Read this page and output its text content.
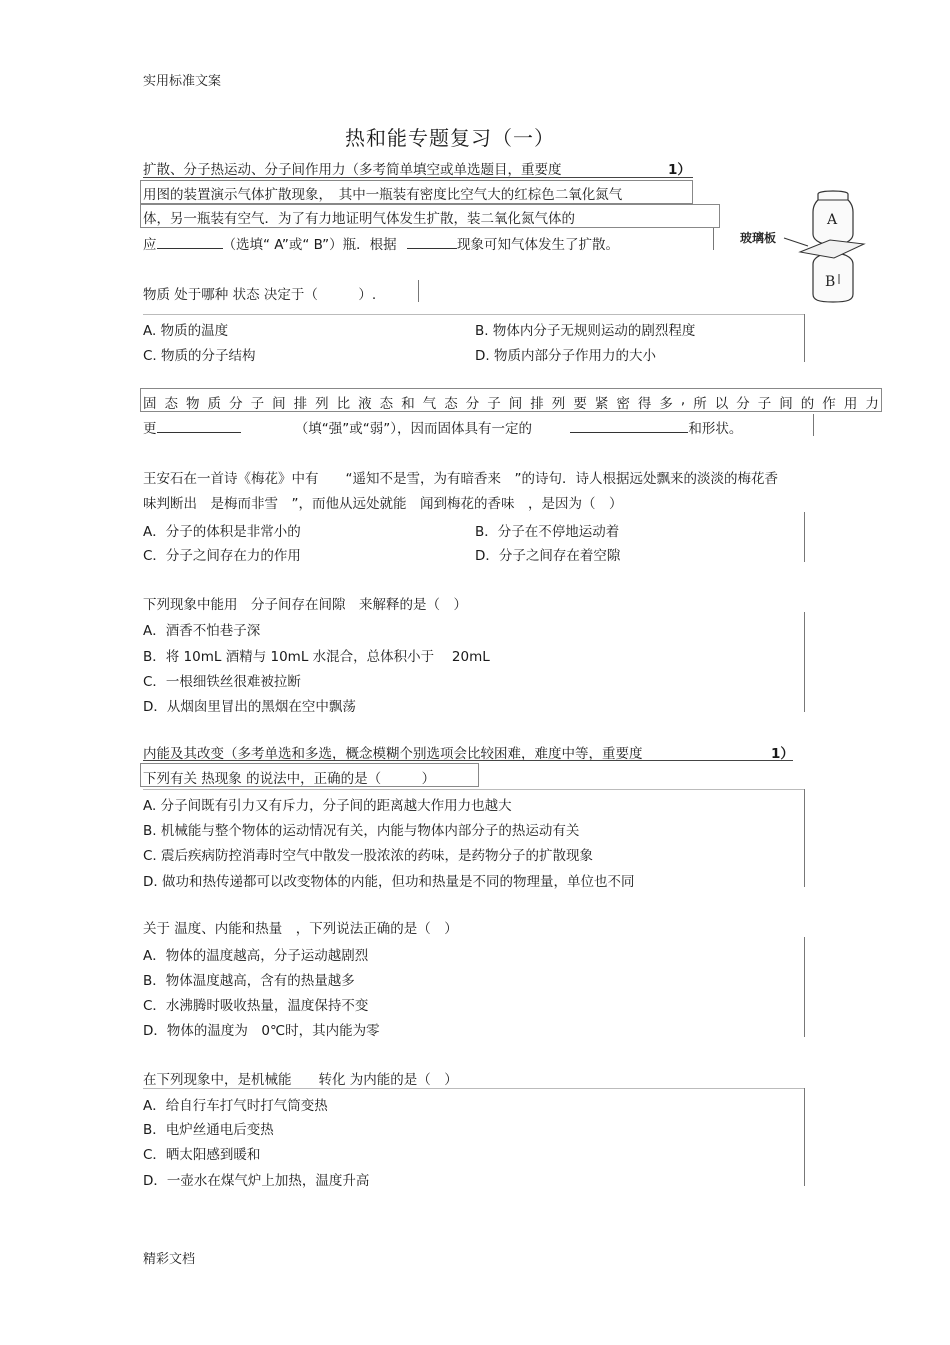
实用标准文案
热和能专题复习（一）
扩散、分子热运动、分子间作用力（多考简单填空或单选题目，重要度	1）
用图的装置演示气体扩散现象，　其中一瓶装有密度比空气大的红棕色二氧化氮气
体，另一瓶装有空气．为了有力地证明气体发生扩散，装二氧化氮气体的
应	（选填“ A”或“ B”）瓶．根据	现象可知气体发生了扩散。	玻璃板
A
B
物质 处于哪种 状态 决定于（　　　）.
A. 物质的温度	B. 物体内分子无规则运动的剧烈程度
C. 物质的分子结构	D. 物质内部分子作用力的大小
固 态 物 质 分 子 间 排 列 比 液 态 和 气 态 分 子 间 排 列 要 紧 密 得 多 , 所 以 分 子 间 的 作 用 力
更	（填“强”或“弱”），因而固体具有一定的	和形状。
王安石在一首诗《梅花》中有　　“遥知不是雪，为有暗香来　”的诗句．诗人根据远处飘来的淡淡的梅花香
味判断出　是梅而非雪　”，而他从远处就能　闻到梅花的香味　，是因为（　）
A．分子的体积是非常小的	B．分子在不停地运动着
C．分子之间存在力的作用	D．分子之间存在着空隙
下列现象中能用　分子间存在间隙　来解释的是（　）
A．酒香不怕巷子深
B．将 10mL 酒精与 10mL 水混合，总体积小于　 20mL
C．一根细铁丝很难被拉断
D．从烟囱里冒出的黑烟在空中飘荡
内能及其改变（多考单选和多选，概念模糊个别选项会比较困难，难度中等，重要度	1）
下列有关 热现象 的说法中，正确的是（　　　）
A. 分子间既有引力又有斥力，分子间的距离越大作用力也越大
B. 机械能与整个物体的运动情况有关，内能与物体内部分子的热运动有关
C. 震后疾病防控消毒时空气中散发一股浓浓的药味，是药物分子的扩散现象
D. 做功和热传递都可以改变物体的内能，但功和热量是不同的物理量，单位也不同
关于 温度、内能和热量　，下列说法正确的是（　）
A．物体的温度越高，分子运动越剧烈
B．物体温度越高，含有的热量越多
C．水沸腾时吸收热量，温度保持不变
D．物体的温度为　0℃时，其内能为零
在下列现象中，是机械能　　转化 为内能的是（　）
A．给自行车打气时打气筒变热
B．电炉丝通电后变热
C．晒太阳感到暖和
D．一壶水在煤气炉上加热，温度升高
精彩文档
